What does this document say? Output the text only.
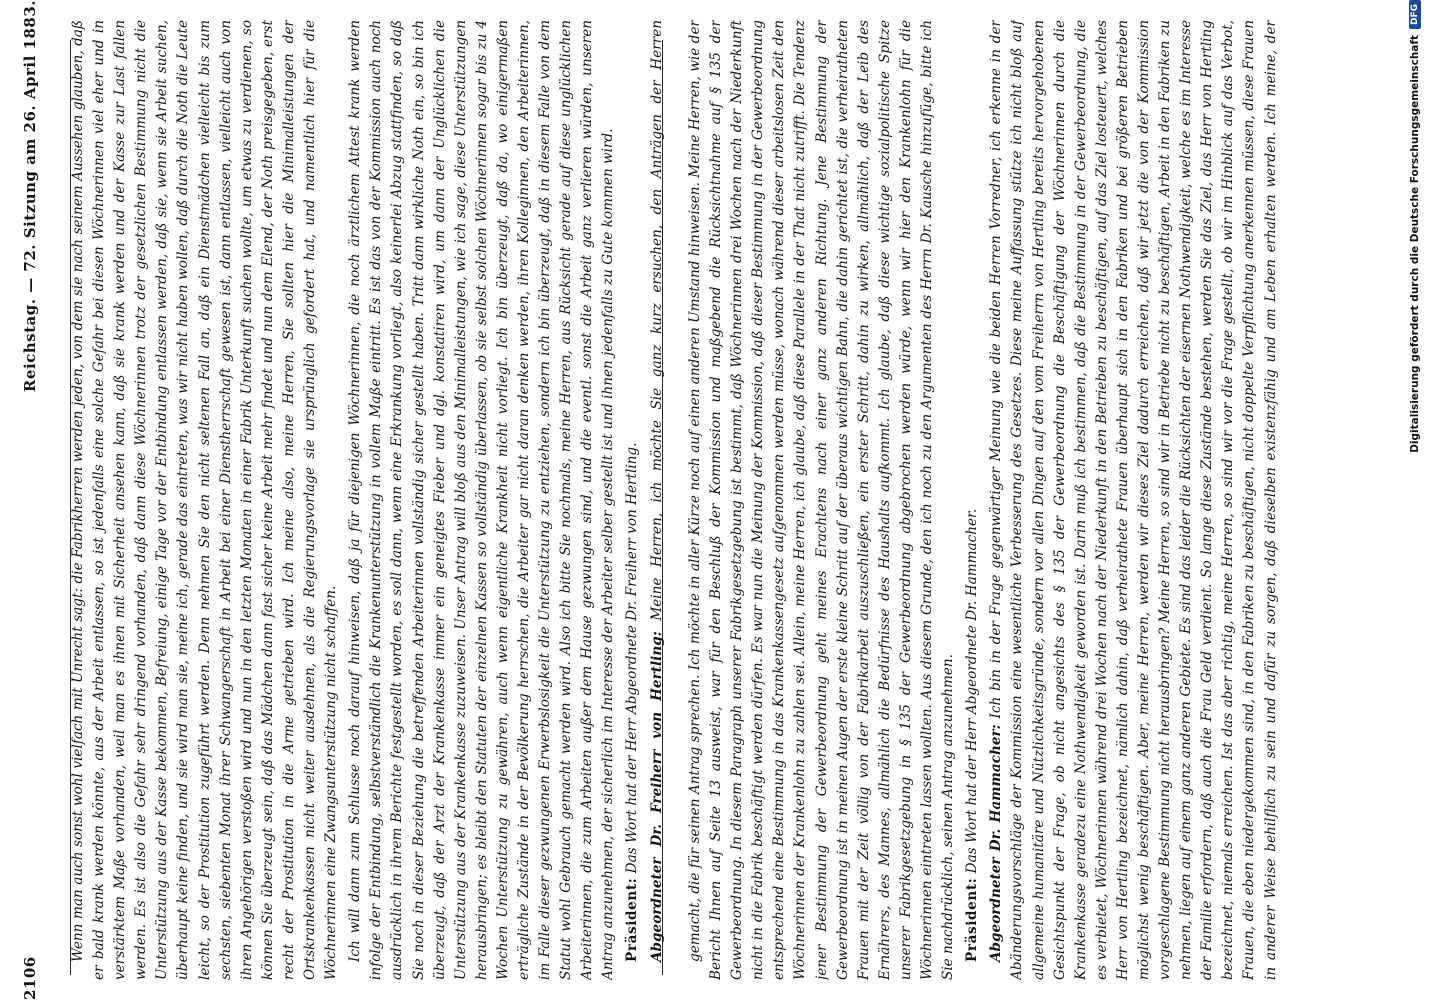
2106
Reichstag. — 72. Sitzung am 26. April 1883. Wenn man auch sonst wohl vielfach mit Unrecht sagt: die Fabrikherren werden jeden, von dem sie nach seinem Aussehen glauben, daß er bald krank werden könnte, aus der Arbeit entlassen, so ist jedenfalls eine solche Gefahr bei diesen Wöchnerinnen viel eher und in verstärktem Maße vorhanden, weil man es ihnen mit Sicherheit ansehen kann, daß sie krank werden und der Kasse zur Last fallen werden. Es ist also die Gefahr sehr dringend vorhanden, daß dann diese Wöchnerinnen trotz der gesetzlichen Bestimmung nicht die Unterstützung aus der Kasse bekommen, Befreiung, einige Tage vor der Entbindung entlassen werden, daß sie, wenn sie Arbeit suchen, überhaupt keine finden, und sie wird man sie, meine ich, gerade das eintreten, was wir nicht haben wollen, daß durch die Noth die Leute leicht, so der Prostitution zugeführt werden. Denn nehmen Sie den nicht seltenen Fall an, daß ein Dienstmädchen vielleicht bis zum sechsten, siebenten Monat ihrer Schwangerschaft in Arbeit bei einer Dienstherrschaft gewesen ist, dann entlassen, vielleicht auch von ihren Angehörigen verstoßen wird und nun in den letzten Monaten in einer Fabrik Unterkunft suchen wollte, um etwas zu verdienen, so können Sie überzeugt sein, daß das Mädchen dann fast sicher keine Arbeit mehr findet und nun dem Elend, der Noth preisgegeben, erst recht der Prostitution in die Arme getrieben wird. Ich meine also, meine Herren, Sie sollten hier die Minimalleistungen der Ortskrankenkassen nicht weiter ausdehnen, als die Regierungsvorlage sie ursprünglich gefordert hat, und namentlich hier für die Wöchnerinnen eine Zwangsunterstützung nicht schaffen. Ich will dann zum Schlusse noch darauf hinweisen, daß ja für diejenigen Wöchnerinnen, die noch ärztlichem Attest krank werden infolge der Entbindung, selbstverständlich die Krankenunterstützung in vollem Maße eintritt. Es ist das von der Kommission auch noch ausdrücklich in ihrem Berichte festgestellt worden, es soll dann, wenn eine Erkrankung vorliegt, also keinerlei Abzug stattfinden, so daß Sie noch in dieser Beziehung die betreffenden Arbeiterinnen vollständig sicher gestellt haben. Tritt dann wirkliche Noth ein, so bin ich überzeugt, daß der Arzt der Krankenkasse immer ein geneigtes Fieber und dgl. konstatiren wird, um dann der Unglücklichen die Unterstützung aus der Krankenkasse zuzuweisen. Unser Antrag will bloß aus den Minimalleistungen, wie ich sage, diese Unterstützungen herausbringen; es bleibt den Statuten der einzelnen Kassen so vollständig überlassen, ob sie selbst solchen Wöchnerinnen sogar bis zu 4 Wochen Unterstützung zu gewähren, auch wenn eigentliche Krankheit nicht vorliegt. Ich bin überzeugt, daß da, wo einigermaßen erträgliche Zustände in der Bevölkerung herrschen, die Arbeiter gar nicht daran denken werden, ihren Kolleginnen, den Arbeiterinnen, im Falle dieser gezwungenen Erwerbslosigkeit die Unterstützung zu entziehen, sondern ich bin überzeugt, daß in diesem Falle von dem Statut wohl Gebrauch gemacht werden wird. Also ich bitte Sie nochmals, meine Herren, aus Rücksicht gerade auf diese unglücklichen Arbeiterinnen, die zum Arbeiten außer dem Hause gezwungen sind, und die eventl. sonst die Arbeit ganz verlieren würden, unseren Antrag anzunehmen, der sicherlich im Interesse der Arbeiter selber gestellt ist und ihnen jedenfalls zu Gute kommen wird. Präsident: Das Wort hat der Herr Abgeordnete Dr. Freiherr von Hertling. Abgeordneter Dr. Freiherr von Hertling: Meine Herren, ich möchte Sie ganz kurz ersuchen, den Anträgen der Herren	gemacht, die für seinen Antrag sprechen. Ich möchte in aller Kürze noch auf einen anderen Umstand hinweisen. Meine Herren, wie der Bericht Ihnen auf Seite 13 ausweist, war für den Beschluß der Kommission und maßgebend die Rücksichtnahme auf § 135 der Gewerbeordnung. In diesem Paragraph unserer Fabrikgesetzgebung ist bestimmt, daß Wöchnerinnen drei Wochen nach der Niederkunft nicht in die Fabrik beschäftigt werden dürfen. Es war nun die Meinung der Kommission, daß dieser Bestimmung in der Gewerbeordnung entsprechend eine Bestimmung in das Krankenkassengesetz aufgenommen werden müsse, wonach während dieser arbeitslosen Zeit den Wöchnerinnen der Krankenlohn zu zahlen sei. Allein, meine Herren, ich glaube, daß diese Parallele in der That nicht zutrifft. Die Tendenz jener Bestimmung der Gewerbeordnung geht meines Erachtens nach einer ganz anderen Richtung. Jene Bestimmung der Gewerbeordnung ist in meinen Augen der erste kleine Schritt auf der überaus wichtigen Bahn, die dahin gerichtet ist, die verheiratheten Frauen mit der Zeit völlig von der Fabrikarbeit auszuschließen, ein erster Schritt, dahin zu wirken, allmählich, daß der Leib des Ernährers, des Mannes, allmählich die Bedürfnisse des Haushalts aufkommt. Ich glaube, daß diese wichtige sozialpolitische Spitze unserer Fabrikgesetzgebung in § 135 der Gewerbeordnung abgebrochen werden würde, wenn wir hier den Krankenlohn für die Wöchnerinnen eintreten lassen wollten. Aus diesem Grunde, den ich noch zu den Argumenten des Herrn Dr. Kausche hinzufüge, bitte ich Sie nachdrücklich, seinen Antrag anzunehmen. Präsident: Das Wort hat der Herr Abgeordnete Dr. Hammacher. Abgeordneter Dr. Hammacher: Ich bin in der Frage gegenwärtiger Meinung wie die beiden Herren Vorredner, ich erkenne in der Abänderungsvorschläge der Kommission eine wesentliche Verbesserung des Gesetzes. Diese meine Auffassung stütze ich nicht bloß auf allgemeine humanitäre und Nützlichkeitsgründe, sondern vor allen Dingen auf den vom Freiherrn von Hertling bereits hervorgehobenen Gesichtspunkt der Frage, ob nicht angesichts des § 135 der Gewerbeordnung die Beschäftigung der Wöchnerinnen durch die Krankenkasse geradezu eine Nothwendigkeit geworden ist. Darin muß ich bestimmen, daß die Bestimmung in der Gewerbeordnung, die es verbietet, Wöchnerinnen während drei Wochen nach der Niederkunft in den Betrieben zu beschäftigen, auf das Ziel losteuert, welches Herr von Hertling bezeichnet, nämlich dahin, daß verheirathete Frauen überhaupt sich in den Fabriken und bei größeren Betrieben möglichst wenig beschäftigen. Aber, meine Herren, werden wir dieses Ziel dadurch erreichen, daß wir jetzt die von der Kommission vorgeschlagene Bestimmung nicht herausbringen? Meine Herren, so sind wir in Betriebe nicht zu beschäftigen, Arbeit in den Fabriken zu nehmen, liegen auf einem ganz anderen Gebiete. Es sind das leider die Rücksichten der eisernen Nothwendigkeit, welche es im Interesse der Familie erfordern, daß auch die Frau Geld verdient. So lange diese Zustände bestehen, werden Sie das Ziel, das Herr von Hertling bezeichnet, niemals erreichen. Ist das aber richtig, meine Herren, so sind wir vor die Frage gestellt, ob wir im Hinblick auf das Verbot, Frauen, die eben niedergekommen sind, in den Fabriken zu beschäftigen, nicht doppelte Verpflichtung anerkennen müssen, diese Frauen in anderer Weise behilflich zu sein und dafür zu sorgen, daß dieselben existenzfähig und am Leben erhalten werden. Ich meine, der

Digitalisierung gefördert durch die Deutsche Forschungsgemeinschaft
DFG
